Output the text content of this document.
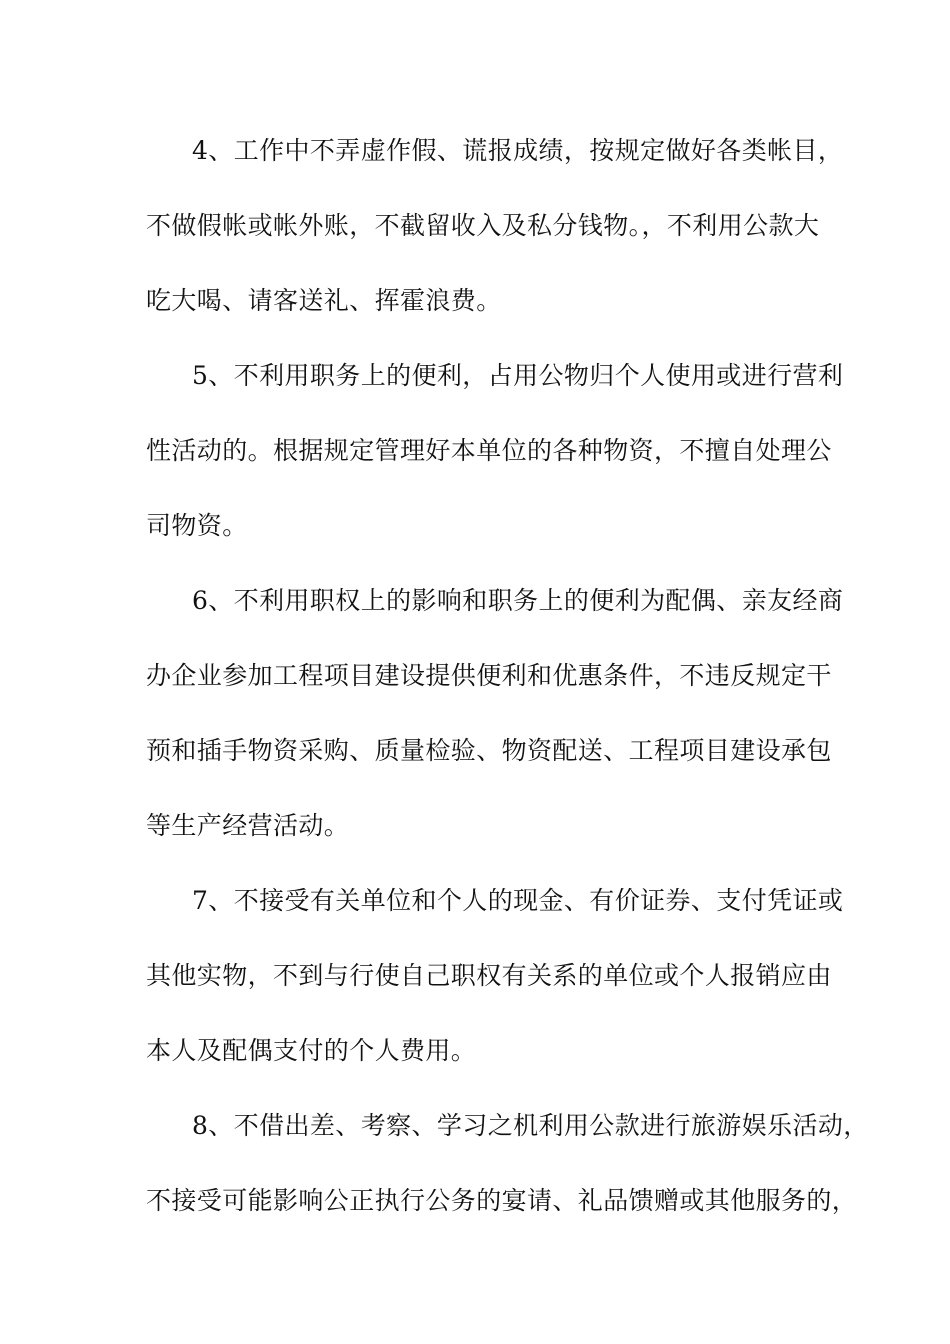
4、工作中不弄虚作假、谎报成绩，按规定做好各类帐目，
不做假帐或帐外账，不截留收入及私分钱物。，不利用公款大
吃大喝、请客送礼、挥霍浪费。
5、不利用职务上的便利，占用公物归个人使用或进行营利
性活动的。根据规定管理好本单位的各种物资，不擅自处理公
司物资。
6、不利用职权上的影响和职务上的便利为配偶、亲友经商
办企业参加工程项目建设提供便利和优惠条件，不违反规定干
预和插手物资采购、质量检验、物资配送、工程项目建设承包
等生产经营活动。
7、不接受有关单位和个人的现金、有价证券、支付凭证或
其他实物，不到与行使自己职权有关系的单位或个人报销应由
本人及配偶支付的个人费用。
8、不借出差、考察、学习之机利用公款进行旅游娱乐活动，
不接受可能影响公正执行公务的宴请、礼品馈赠或其他服务的，
